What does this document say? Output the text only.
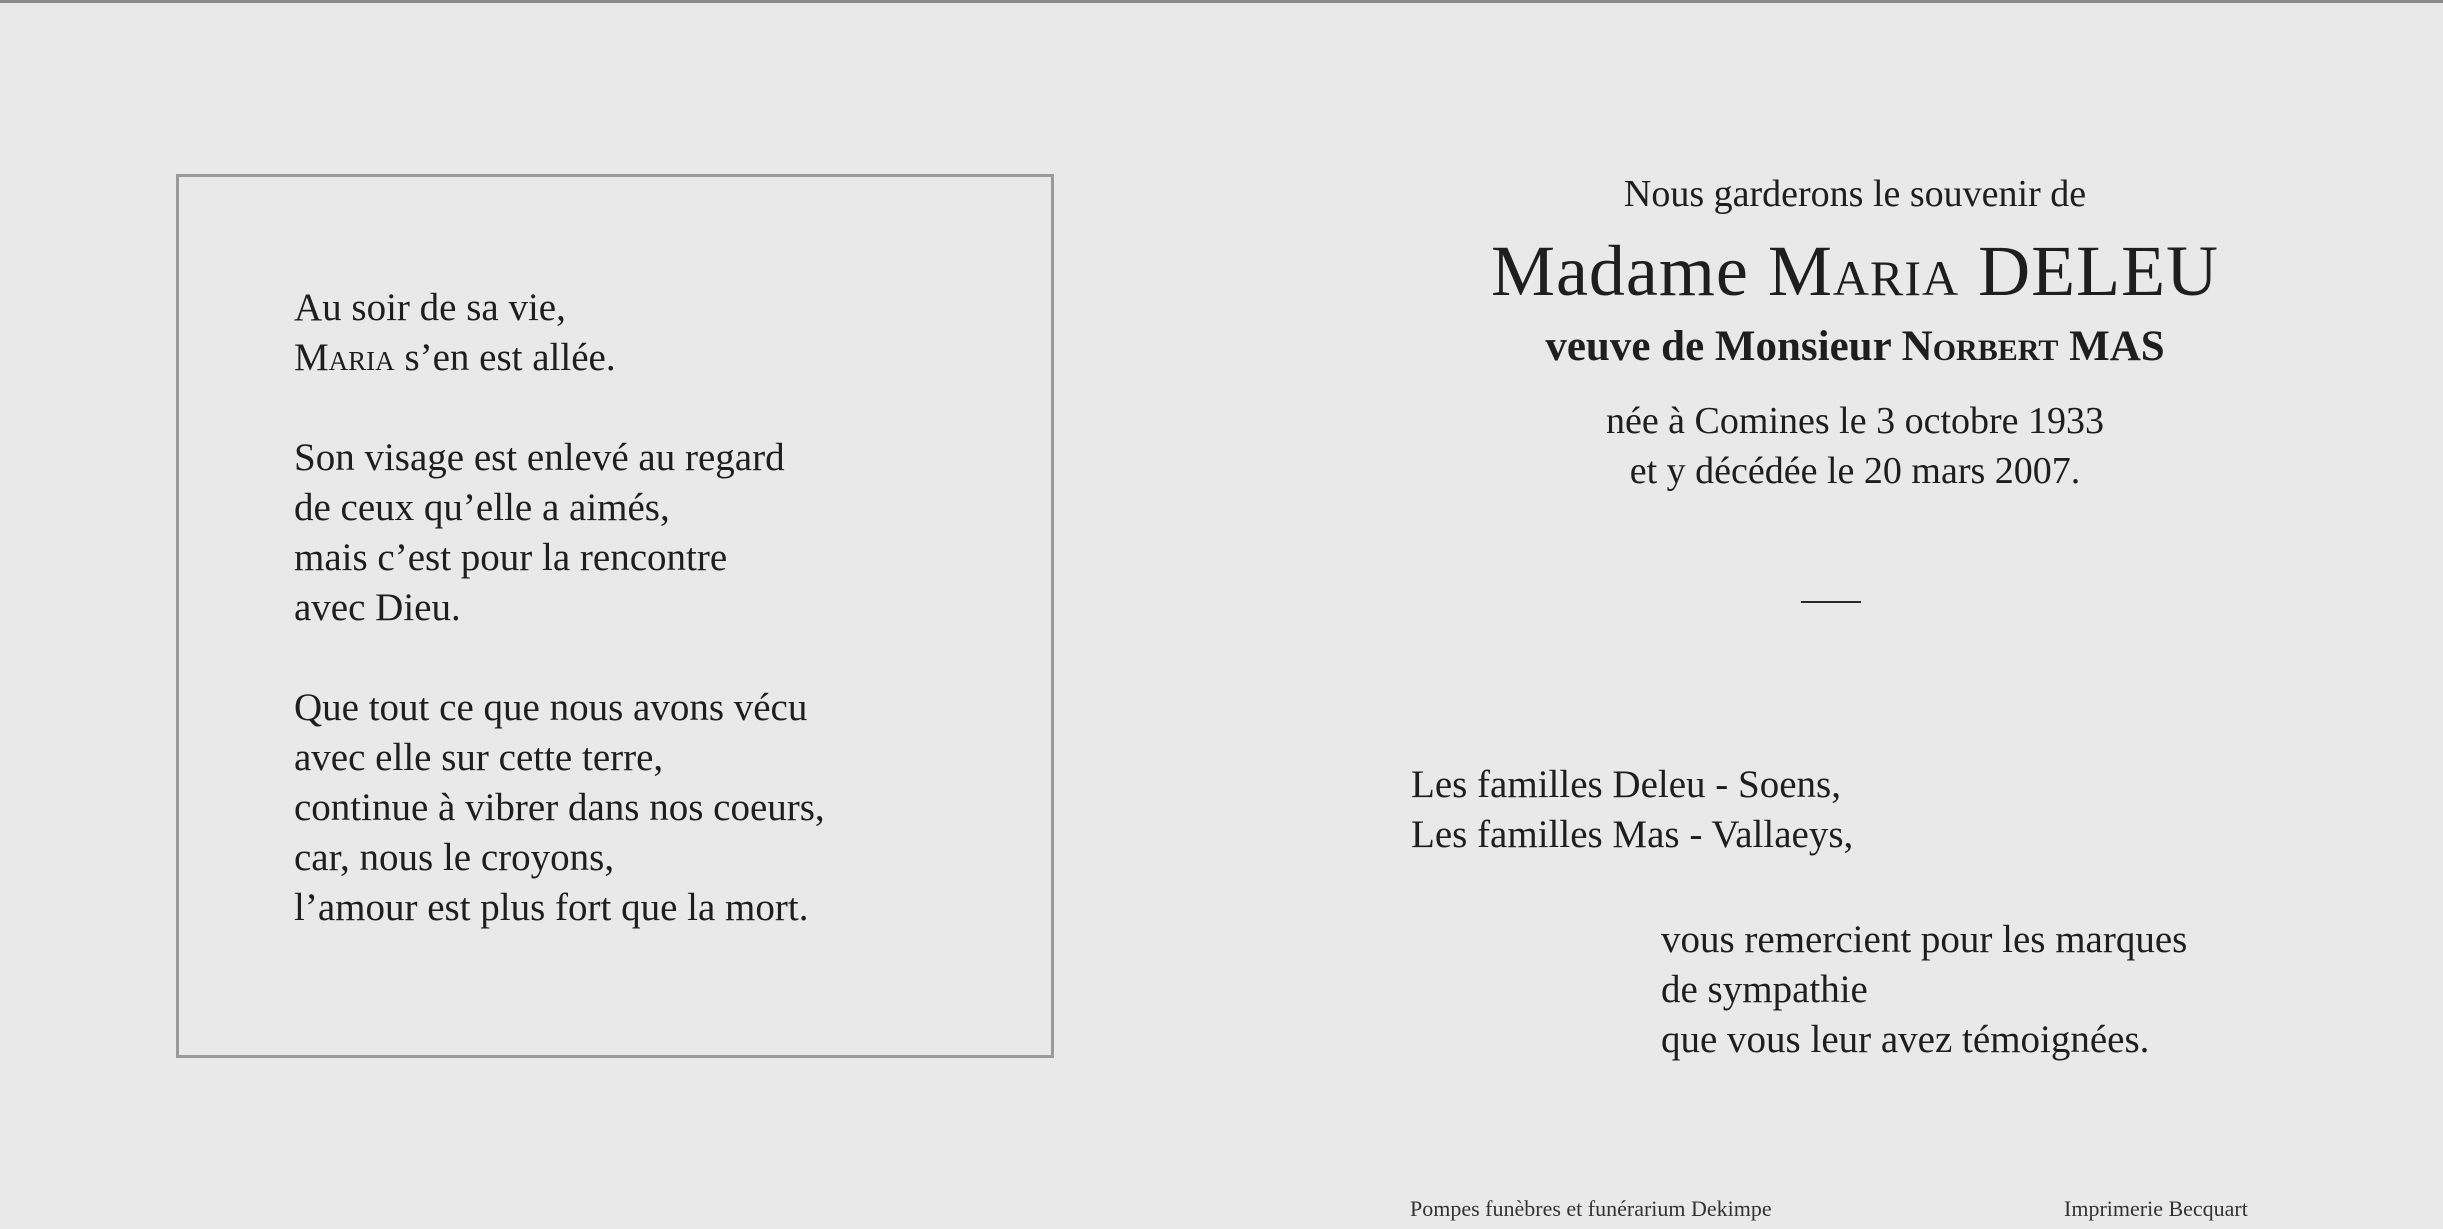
Au soir de sa vie,
Maria s’en est allée.
Son visage est enlevé au regard
de ceux qu’elle a aimés,
mais c’est pour la rencontre
avec Dieu.
Que tout ce que nous avons vécu
avec elle sur cette terre,
continue à vibrer dans nos coeurs,
car, nous le croyons,
l’amour est plus fort que la mort.
Nous garderons le souvenir de
Madame Maria DELEU
veuve de Monsieur Norbert MAS
née à Comines le 3 octobre 1933
et y décédée le 20 mars 2007.
Les familles Deleu - Soens,
Les familles Mas - Vallaeys,
vous remercient pour les marques
de sympathie
que vous leur avez témoignées.
Pompes funèbres et funérarium Dekimpe	Imprimerie Becquart
